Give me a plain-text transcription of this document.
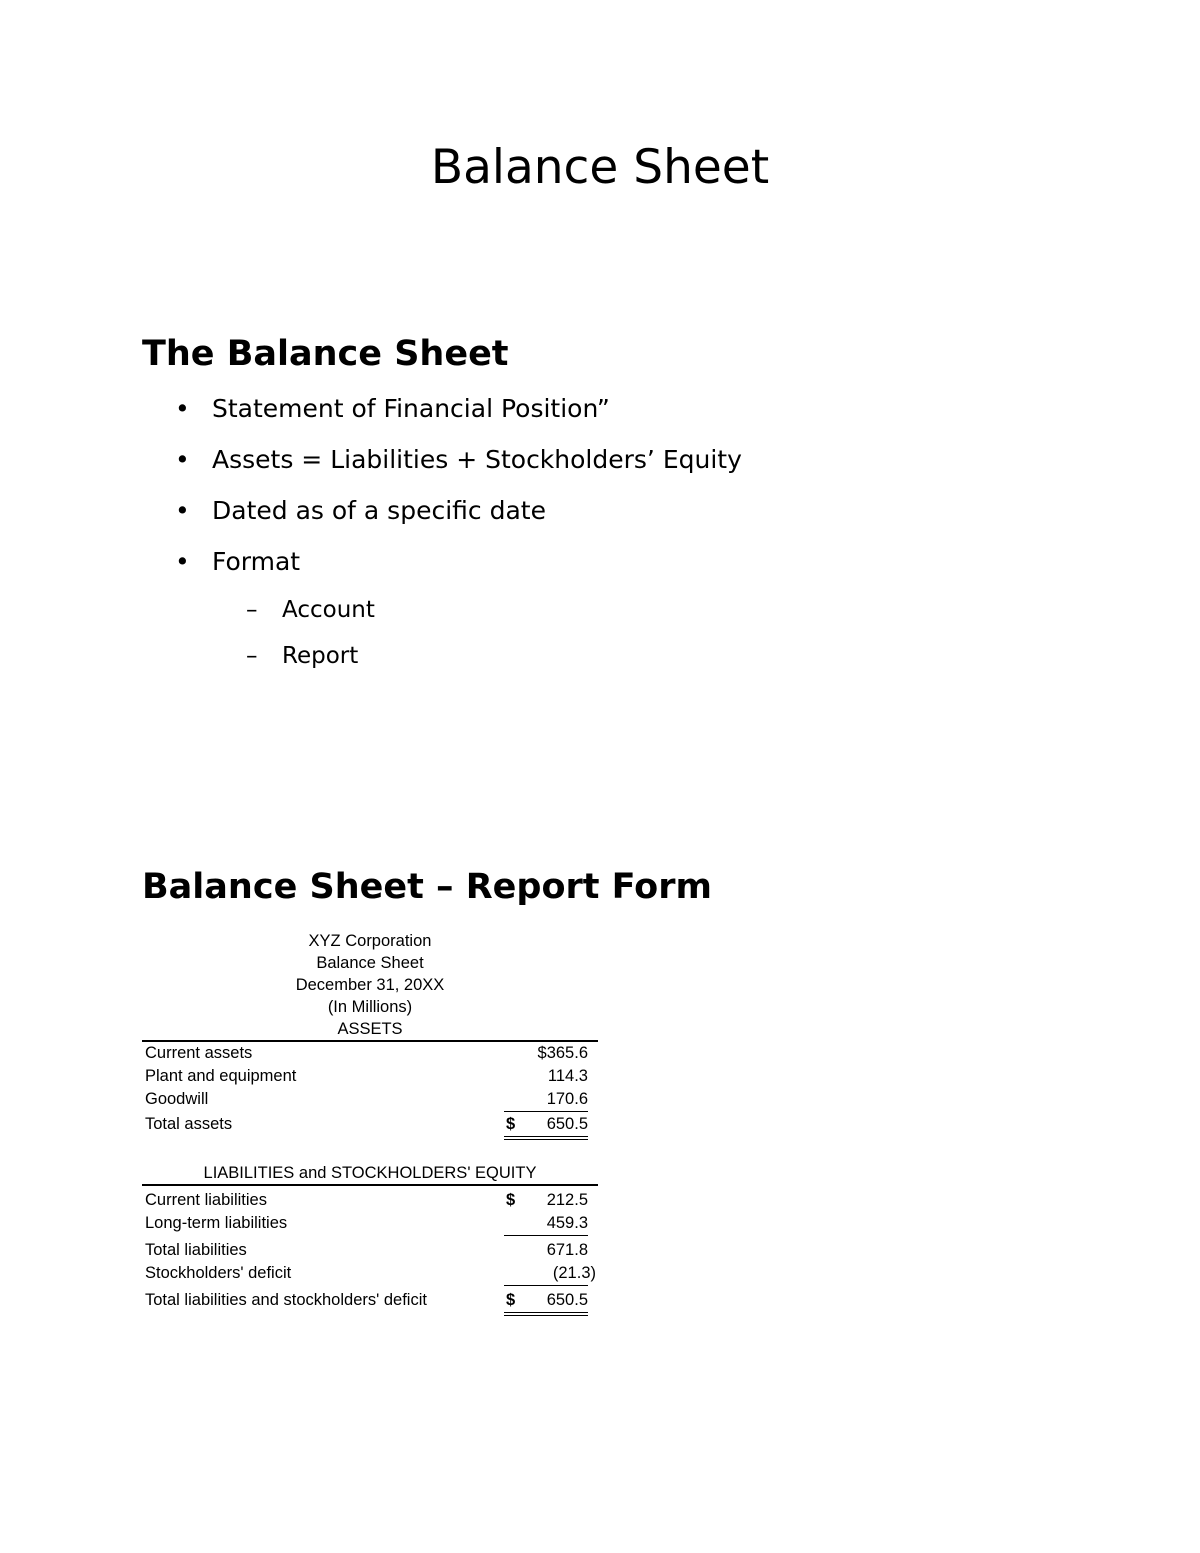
Balance Sheet
The Balance Sheet
• Statement of Financial Position”
• Assets = Liabilities + Stockholders’ Equity
• Dated as of a specific date
• Format
– Account
– Report
Balance Sheet – Report Form
XYZ Corporation
Balance Sheet
December 31, 20XX
(In Millions)
ASSETS
Current assets	$365.6
Plant and equipment	114.3
Goodwill	170.6
Total assets	$ 650.5
LIABILITIES and STOCKHOLDERS' EQUITY
Current liabilities	$ 212.5
Long-term liabilities	459.3
Total liabilities	671.8
Stockholders' deficit	(21.3)
Total liabilities and stockholders' deficit	$ 650.5
